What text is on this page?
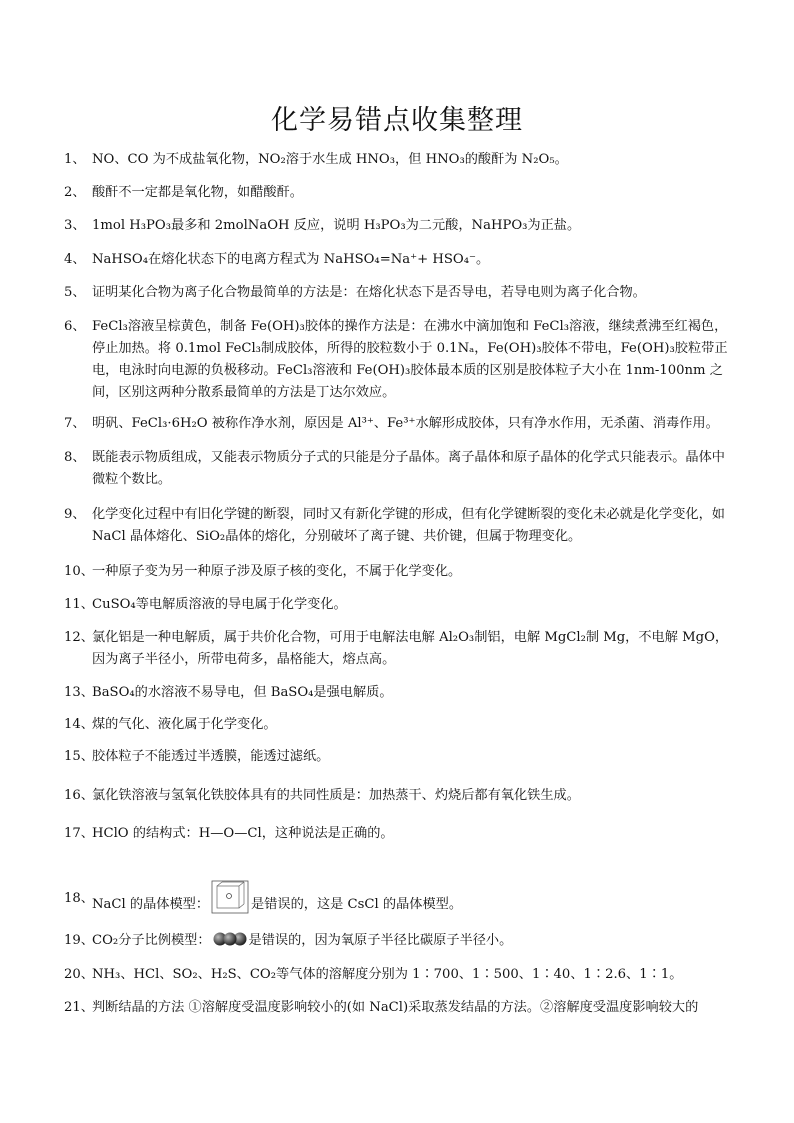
化学易错点收集整理
1、 NO、CO 为不成盐氧化物，NO₂溶于水生成 HNO₃，但 HNO₃的酸酐为 N₂O₅。
2、 酸酐不一定都是氧化物，如醋酸酐。
3、 1mol H₃PO₃最多和 2molNaOH 反应，说明 H₃PO₃为二元酸，NaHPO₃为正盐。
4、 NaHSO₄在熔化状态下的电离方程式为 NaHSO₄=Na⁺+ HSO₄⁻。
5、 证明某化合物为离子化合物最简单的方法是：在熔化状态下是否导电，若导电则为离子化合物。
6、 FeCl₃溶液呈棕黄色，制备 Fe(OH)₃胶体的操作方法是：在沸水中滴加饱和 FeCl₃溶液，继续煮沸至红褐色，停止加热。将 0.1mol FeCl₃制成胶体，所得的胶粒数小于 0.1Nₐ，Fe(OH)₃胶体不带电，Fe(OH)₃胶粒带正电，电泳时向电源的负极移动。FeCl₃溶液和 Fe(OH)₃胶体最本质的区别是胶体粒子大小在 1nm-100nm 之间，区别这两种分散系最简单的方法是丁达尔效应。
7、 明矾、FeCl₃·6H₂O 被称作净水剂，原因是 Al³⁺、Fe³⁺水解形成胶体，只有净水作用，无杀菌、消毒作用。
8、 既能表示物质组成，又能表示物质分子式的只能是分子晶体。离子晶体和原子晶体的化学式只能表示。晶体中微粒个数比。
9、 化学变化过程中有旧化学键的断裂，同时又有新化学键的形成，但有化学键断裂的变化未必就是化学变化，如 NaCl 晶体熔化、SiO₂晶体的熔化，分别破坏了离子键、共价键，但属于物理变化。
10、
一种原子变为另一种原子涉及原子核的变化，不属于化学变化。
11、
CuSO₄等电解质溶液的导电属于化学变化。
12、
氯化铝是一种电解质，属于共价化合物，可用于电解法电解 Al₂O₃制铝，电解 MgCl₂制 Mg，不电解 MgO，因为离子半径小，所带电荷多，晶格能大，熔点高。
13、
BaSO₄的水溶液不易导电，但 BaSO₄是强电解质。
14、
煤的气化、液化属于化学变化。
15、
胶体粒子不能透过半透膜，能透过滤纸。
16、
氯化铁溶液与氢氧化铁胶体具有的共同性质是：加热蒸干、灼烧后都有氧化铁生成。
17、
HClO 的结构式：H—O—Cl，这种说法是正确的。
18、
NaCl 的晶体模型：	是错误的，这是 CsCl 的晶体模型。
19、
CO₂分子比例模型：	是错误的，因为氧原子半径比碳原子半径小。
20、
NH₃、HCl、SO₂、H₂S、CO₂等气体的溶解度分别为 1∶700、1∶500、1∶40、1∶2.6、1∶1。
21、
判断结晶的方法 ①溶解度受温度影响较小的(如 NaCl)采取蒸发结晶的方法。②溶解度受温度影响较大的
